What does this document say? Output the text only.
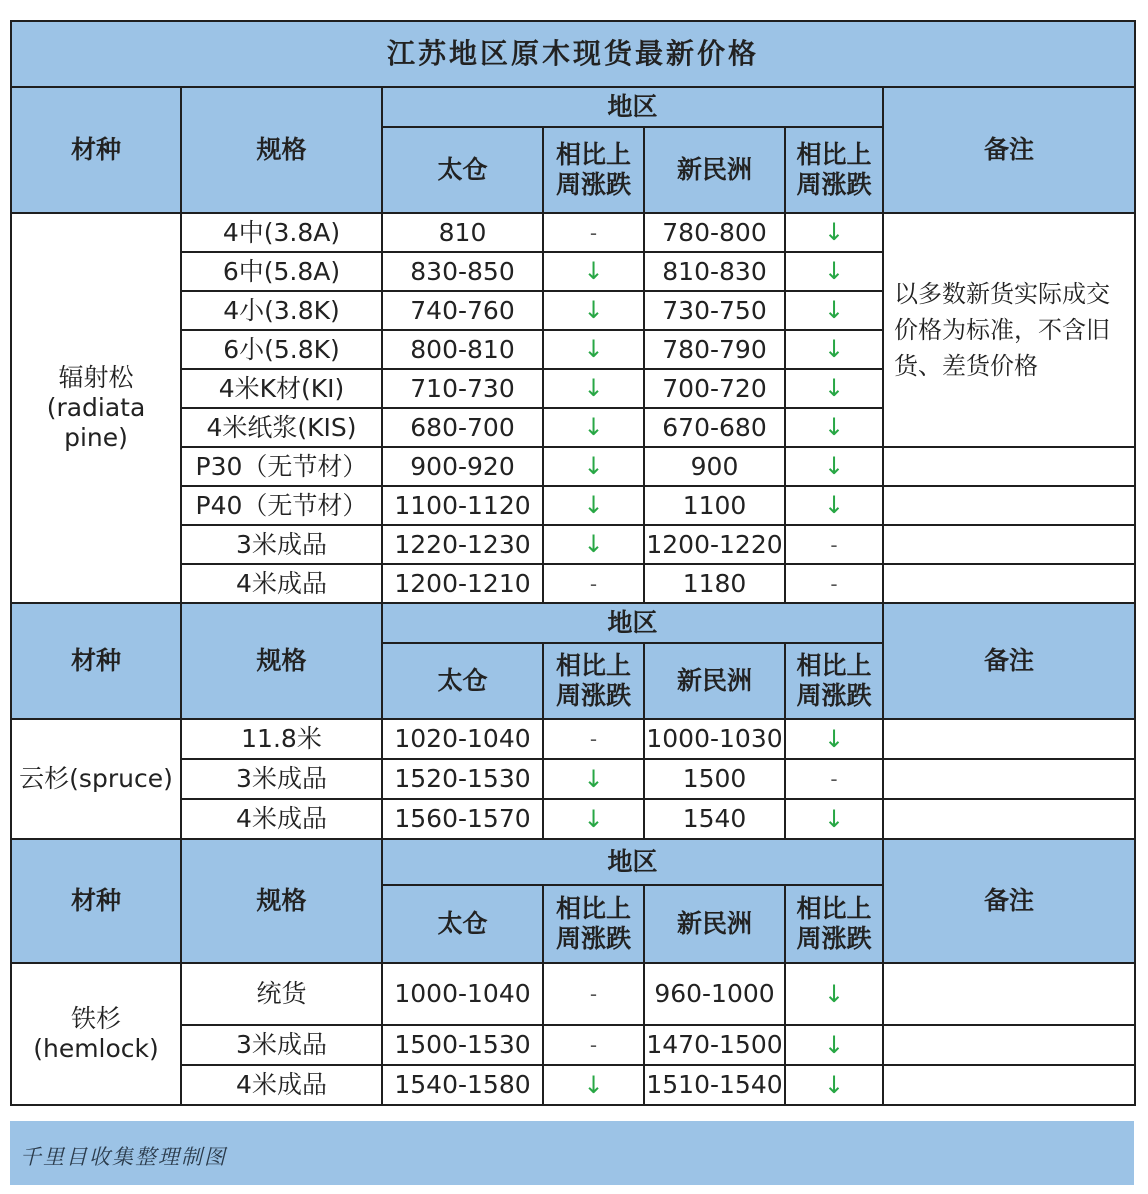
江苏地区原木现货最新价格						
材种	规格	地区				备注
		太仓	相比上周涨跌	新民洲	相比上周涨跌	
辐射松(radiata pine)	4中(3.8A)	810	-	780-800	↓	以多数新货实际成交价格为标准，不含旧货、差货价格
	6中(5.8A)	830-850	↓	810-830	↓	
	4小(3.8K)	740-760	↓	730-750	↓	
	6小(5.8K)	800-810	↓	780-790	↓	
	4米K材(KI)	710-730	↓	700-720	↓	
	4米纸浆(KIS)	680-700	↓	670-680	↓	
	P30（无节材）	900-920	↓	900	↓	
	P40（无节材）	1100-1120	↓	1100	↓	
	3米成品	1220-1230	↓	1200-1220	-	
	4米成品	1200-1210	-	1180	-	
材种	规格	地区				备注
		太仓	相比上周涨跌	新民洲	相比上周涨跌	
云杉(spruce)	11.8米	1020-1040	-	1000-1030	↓	
	3米成品	1520-1530	↓	1500	-	
	4米成品	1560-1570	↓	1540	↓	
材种	规格	地区				备注
		太仓	相比上周涨跌	新民洲	相比上周涨跌	
铁杉(hemlock)	统货	1000-1040	-	960-1000	↓	
	3米成品	1500-1530	-	1470-1500	↓	
	4米成品	1540-1580	↓	1510-1540	↓	
千里目收集整理制图
